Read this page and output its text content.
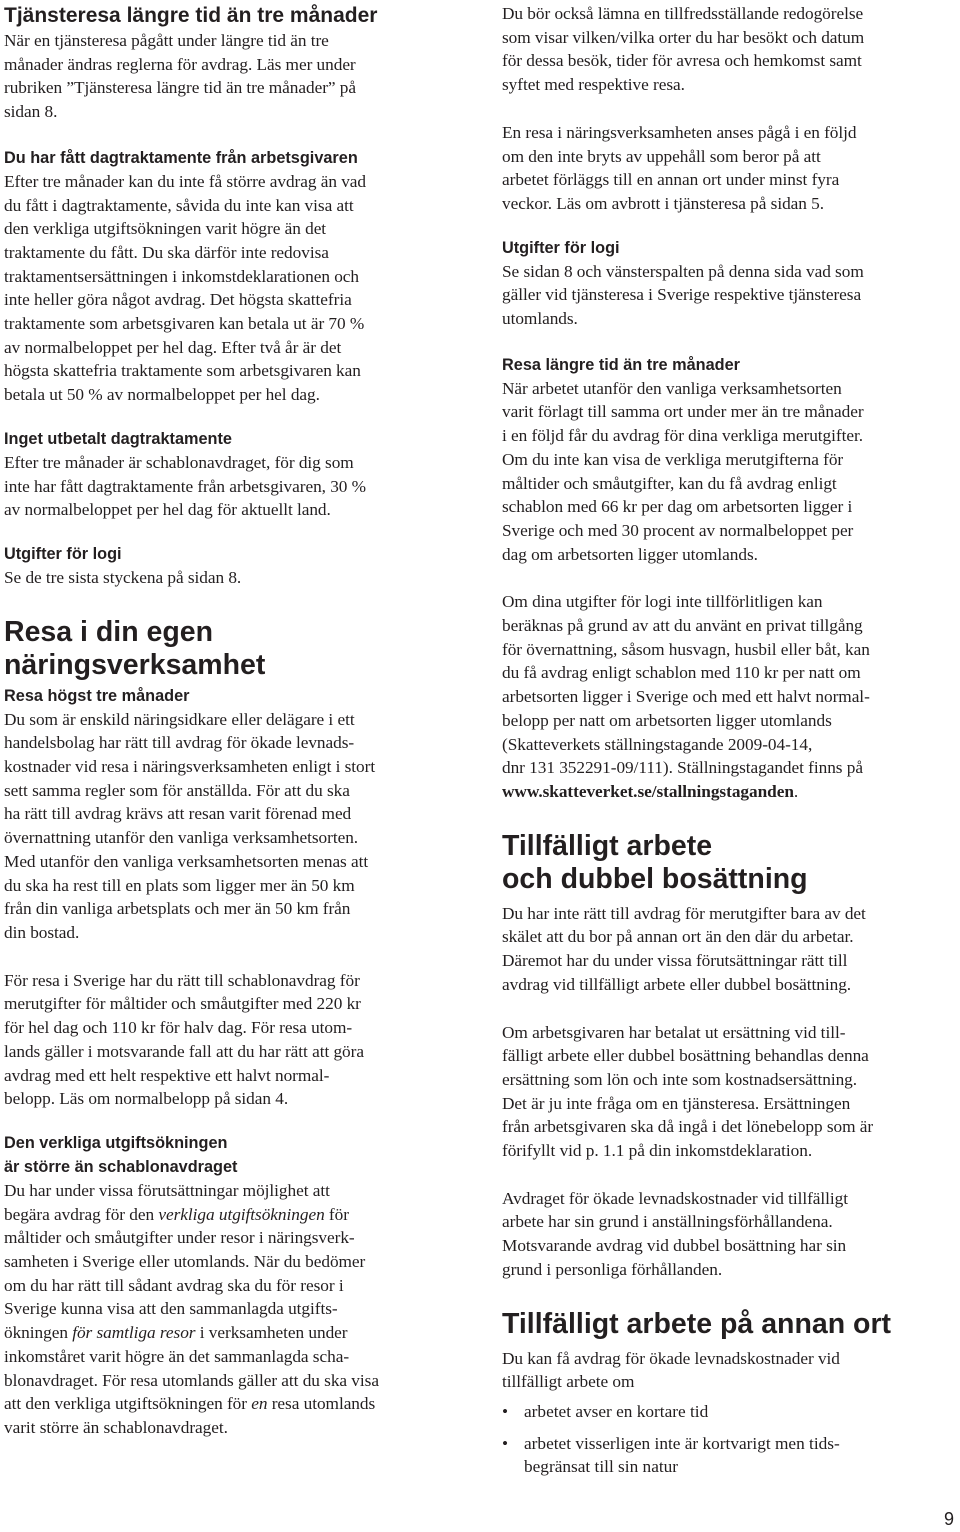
Tjänsteresa längre tid än tre månader

När en tjänsteresa pågått under längre tid än tre
månader ändras reglerna för avdrag. Läs mer under
rubriken ”Tjänsteresa längre tid än tre månader” på
sidan 8.

Du har fått dagtraktamente från arbetsgivaren

Efter tre månader kan du inte få större avdrag än vad
du fått i dagtraktamente, såvida du inte kan visa att
den verkliga utgiftsökningen varit högre än det
traktamente du fått. Du ska därför inte redovisa
traktamentsersättningen i inkomstdeklarationen och
inte heller göra något avdrag. Det högsta skattefria
traktamente som arbetsgivaren kan betala ut är 70 %
av normalbeloppet per hel dag. Efter två år är det
högsta skattefria traktamente som arbetsgivaren kan
betala ut 50 % av normalbeloppet per hel dag.

Inget utbetalt dagtraktamente

Efter tre månader är schablonavdraget, för dig som
inte har fått dagtraktamente från arbetsgivaren, 30 %
av normalbeloppet per hel dag för aktuellt land.

Utgifter för logi

Se de tre sista styckena på sidan 8.

Resa i din egen
näringsverksamhet
Resa högst tre månader

Du som är enskild näringsidkare eller delägare i ett
handelsbolag har rätt till avdrag för ökade levnads-
kostnader vid resa i näringsverksamheten enligt i stort
sett samma regler som för anställda. För att du ska
ha rätt till avdrag krävs att resan varit förenad med
övernattning utanför den vanliga verksamhetsorten.
Med utanför den vanliga verksamhetsorten menas att
du ska ha rest till en plats som ligger mer än 50 km
från din vanliga arbetsplats och mer än 50 km från
din bostad.

För resa i Sverige har du rätt till schablonavdrag för
merutgifter för måltider och småutgifter med 220 kr
för hel dag och 110 kr för halv dag. För resa utom-
lands gäller i motsvarande fall att du har rätt att göra
avdrag med ett helt respektive ett halvt normal-
belopp. Läs om normalbelopp på sidan 4.

Den verkliga utgiftsökningen
är större än schablonavdraget

Du har under vissa förutsättningar möjlighet att
begära avdrag för den verkliga utgiftsökningen för
måltider och småutgifter under resor i näringsverk-
samheten i Sverige eller utomlands. När du bedömer
om du har rätt till sådant avdrag ska du för resor i
Sverige kunna visa att den sammanlagda utgifts-
ökningen för samtliga resor i verksamheten under
inkomståret varit högre än det sammanlagda scha-
blonavdraget. För resa utomlands gäller att du ska visa
att den verkliga utgiftsökningen för en resa utomlands
varit större än schablonavdraget.

Du bör också lämna en tillfredsställande redogörelse
som visar vilken/vilka orter du har besökt och datum
för dessa besök, tider för avresa och hemkomst samt
syftet med respektive resa.

En resa i näringsverksamheten anses pågå i en följd
om den inte bryts av uppehåll som beror på att
arbetet förläggs till en annan ort under minst fyra
veckor. Läs om avbrott i tjänsteresa på sidan 5.

Utgifter för logi

Se sidan 8 och vänsterspalten på denna sida vad som
gäller vid tjänsteresa i Sverige respektive tjänsteresa
utomlands.

Resa längre tid än tre månader

När arbetet utanför den vanliga verksamhetsorten
varit förlagt till samma ort under mer än tre månader
i en följd får du avdrag för dina verkliga merutgifter.
Om du inte kan visa de verkliga merutgifterna för
måltider och småutgifter, kan du få avdrag enligt
schablon med 66 kr per dag om arbetsorten ligger i
Sverige och med 30 procent av normalbeloppet per
dag om arbetsorten ligger utomlands.

Om dina utgifter för logi inte tillförlitligen kan
beräknas på grund av att du använt en privat tillgång
för övernattning, såsom husvagn, husbil eller båt, kan
du få avdrag enligt schablon med 110 kr per natt om
arbetsorten ligger i Sverige och med ett halvt normal-
belopp per natt om arbetsorten ligger utomlands
(Skatteverkets ställningstagande 2009-04-14,
dnr 131 352291-09/111). Ställningstagandet finns på
www.skatteverket.se/stallningstaganden.

Tillfälligt arbete
och dubbel bosättning

Du har inte rätt till avdrag för merutgifter bara av det
skälet att du bor på annan ort än den där du arbetar.
Däremot har du under vissa förutsättningar rätt till
avdrag vid tillfälligt arbete eller dubbel bosättning.

Om arbetsgivaren har betalat ut ersättning vid till-
fälligt arbete eller dubbel bosättning behandlas denna
ersättning som lön och inte som kostnadsersättning.
Det är ju inte fråga om en tjänsteresa. Ersättningen
från arbetsgivaren ska då ingå i det lönebelopp som är
förifyllt vid p. 1.1 på din inkomstdeklaration.

Avdraget för ökade levnadskostnader vid tillfälligt
arbete har sin grund i anställningsförhållandena.
Motsvarande avdrag vid dubbel bosättning har sin
grund i personliga förhållanden.

Tillfälligt arbete på annan ort

Du kan få avdrag för ökade levnadskostnader vid
tillfälligt arbete om

• arbetet avser en kortare tid
• arbetet visserligen inte är kortvarigt men tids-
begränsat till sin natur
9
